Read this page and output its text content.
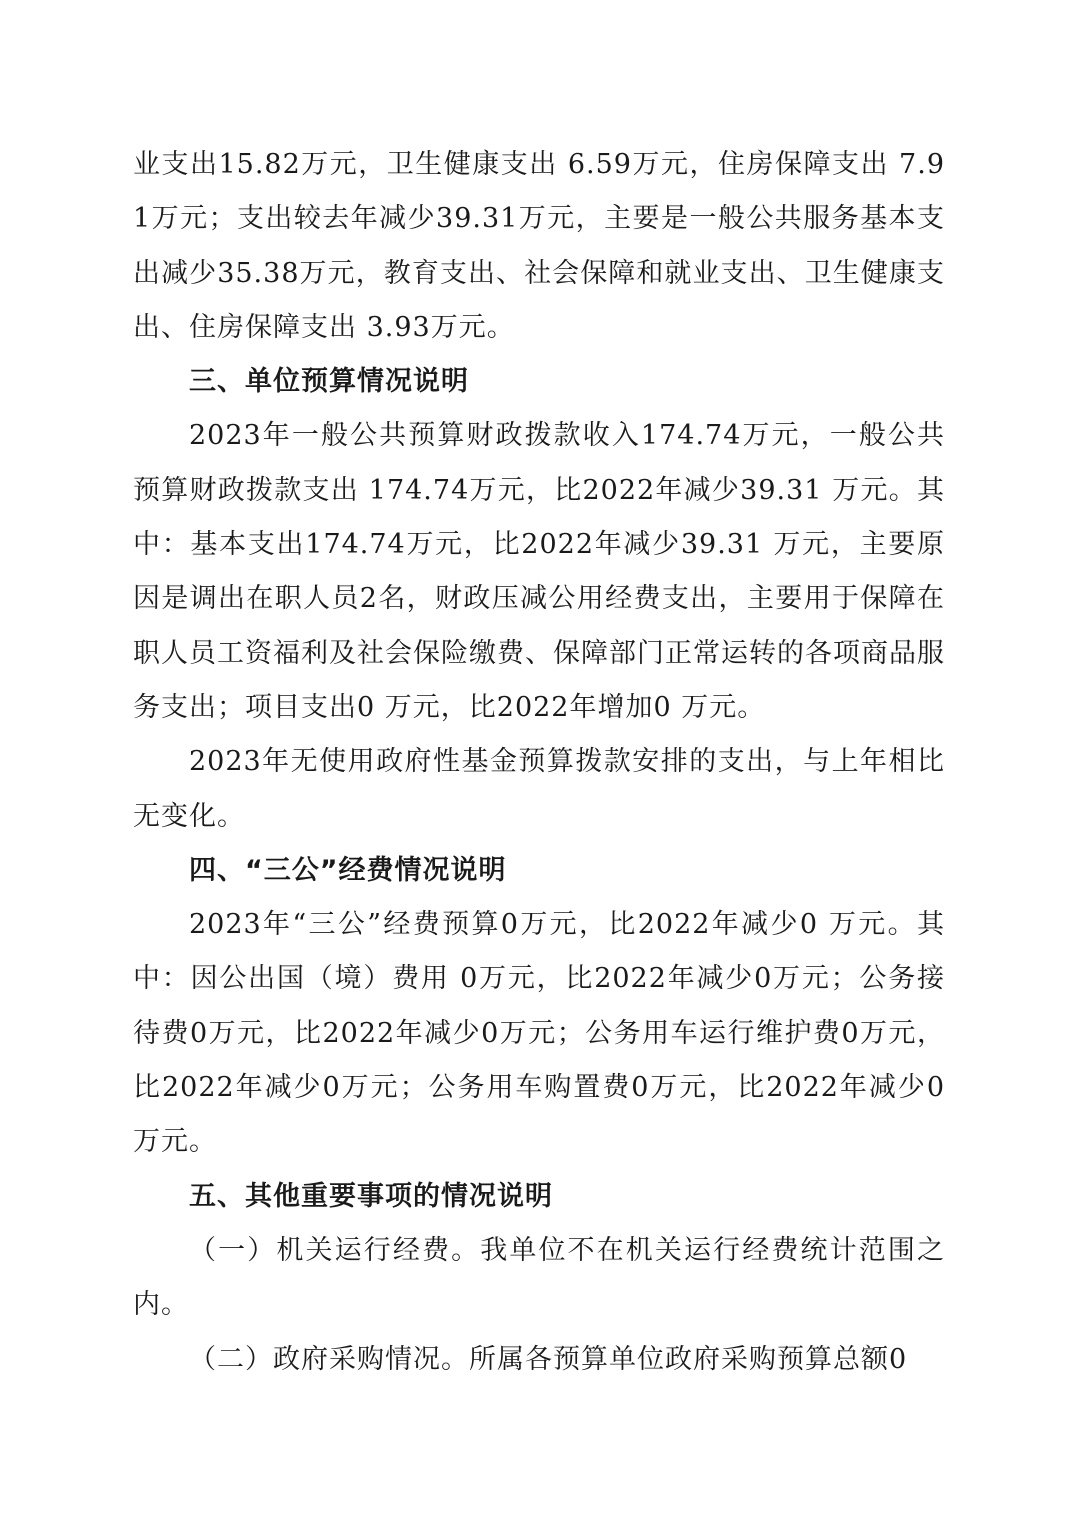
业支出15.82万元，卫生健康支出 6.59万元，住房保障支出 7.91万元；支出较去年减少39.31万元，主要是一般公共服务基本支出减少35.38万元，教育支出、社会保障和就业支出、卫生健康支出、住房保障支出 3.93万元。

三、单位预算情况说明

2023年一般公共预算财政拨款收入174.74万元，一般公共预算财政拨款支出 174.74万元，比2022年减少39.31 万元。其中：基本支出174.74万元，比2022年减少39.31 万元，主要原因是调出在职人员2名，财政压减公用经费支出，主要用于保障在职人员工资福利及社会保险缴费、保障部门正常运转的各项商品服务支出；项目支出0 万元，比2022年增加0 万元。

2023年无使用政府性基金预算拨款安排的支出，与上年相比无变化。

四、“三公”经费情况说明

2023年“三公”经费预算0万元，比2022年减少0 万元。其中：因公出国（境）费用 0万元，比2022年减少0万元；公务接待费0万元，比2022年减少0万元；公务用车运行维护费0万元，比2022年减少0万元；公务用车购置费0万元，比2022年减少0万元。

五、其他重要事项的情况说明

（一）机关运行经费。我单位不在机关运行经费统计范围之内。

（二）政府采购情况。所属各预算单位政府采购预算总额0
